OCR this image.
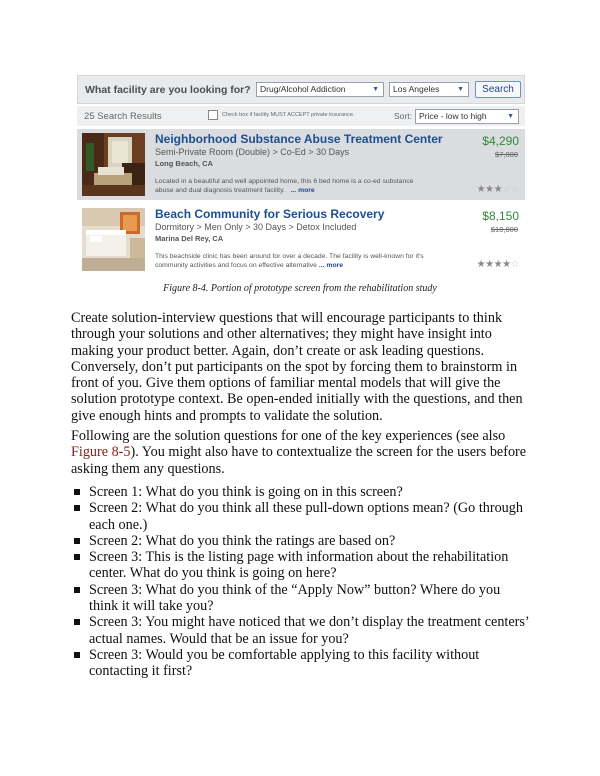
What facility are you looking for?	Drug/Alcohol Addiction	▼	Los Angeles	▼	Search
25 Search Results	Check box if facility MUST ACCEPT private insurance.	Sort: Price - low to high	▼
Neighborhood Substance Abuse Treatment Center
Semi-Private Room (Double) > Co-Ed > 30 Days
Long Beach, CA
Located in a beautiful and well appointed home, this 6 bed home is a co-ed substance
abuse and dual diagnosis treatment facility. ... more
$4,290
$7,000
★★★☆☆
Beach Community for Serious Recovery
Dormitory > Men Only > 30 Days > Detox Included
Marina Del Rey, CA
This beachside clinic has been around for over a decade. The facility is well-known for it's
community activities and focus on effective alternative ... more
$8,150
$10,000
★★★★☆
Figure 8-4. Portion of prototype screen from the rehabilitation study

Create solution-interview questions that will encourage participants to think through your solutions and other alternatives; they might have insight into making your product better. Again, don’t create or ask leading questions. Conversely, don’t put participants on the spot by forcing them to brainstorm in front of you. Give them options of familiar mental models that will give the solution prototype context. Be open-ended initially with the questions, and then give enough hints and prompts to validate the solution.

Following are the solution questions for one of the key experiences (see also Figure 8-5). You might also have to contextualize the screen for the users before asking them any questions.

Screen 1: What do you think is going on in this screen?
Screen 2: What do you think all these pull-down options mean? (Go through each one.)
Screen 2: What do you think the ratings are based on?
Screen 3: This is the listing page with information about the rehabilitation center. What do you think is going on here?
Screen 3: What do you think of the “Apply Now” button? Where do you think it will take you?
Screen 3: You might have noticed that we don’t display the treatment centers’ actual names. Would that be an issue for you?
Screen 3: Would you be comfortable applying to this facility without contacting it first?
